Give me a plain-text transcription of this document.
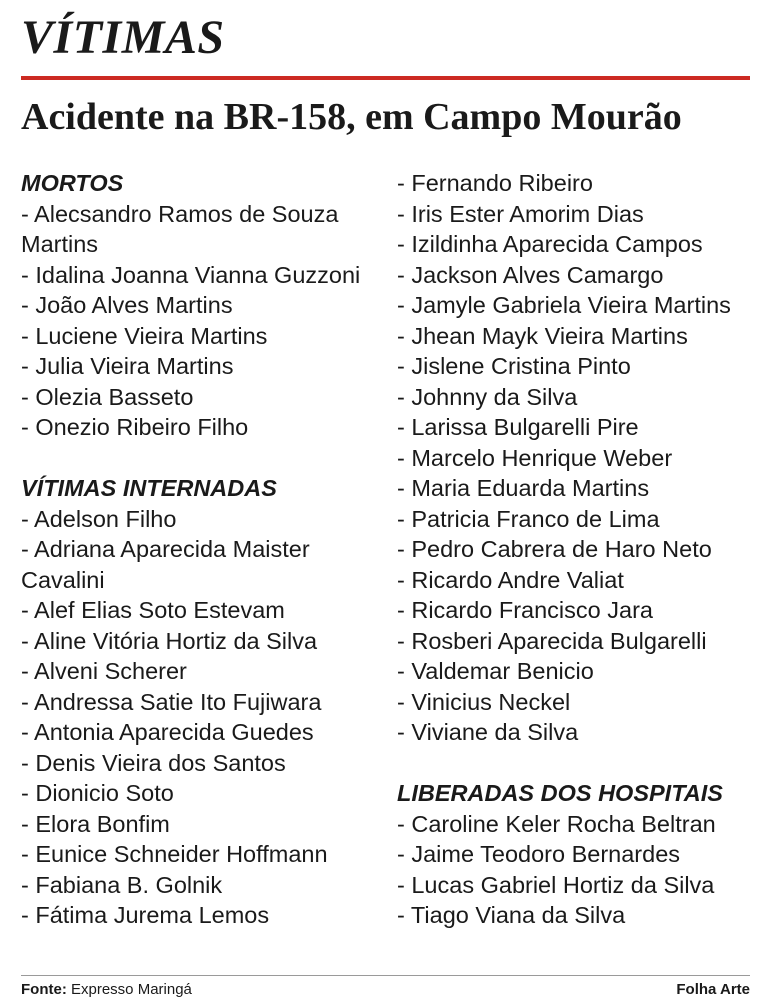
VÍTIMAS
Acidente na BR-158, em Campo Mourão

MORTOS

- Alecsandro Ramos de Souza Martins

- Idalina Joanna Vianna Guzzoni

- João Alves Martins

- Luciene Vieira Martins

- Julia Vieira Martins

- Olezia Basseto

- Onezio Ribeiro Filho

VÍTIMAS INTERNADAS

- Adelson Filho

- Adriana Aparecida Maister Cavalini

- Alef Elias Soto Estevam

- Aline Vitória Hortiz da Silva

- Alveni Scherer

- Andressa Satie Ito Fujiwara

- Antonia Aparecida Guedes

- Denis Vieira dos Santos

- Dionicio Soto

- Elora Bonfim

- Eunice Schneider Hoffmann

- Fabiana B. Golnik

- Fátima Jurema Lemos

- Fernando Ribeiro

- Iris Ester Amorim Dias

- Izildinha Aparecida Campos

- Jackson Alves Camargo

- Jamyle Gabriela Vieira Martins

- Jhean Mayk Vieira Martins

- Jislene Cristina Pinto

- Johnny da Silva

- Larissa Bulgarelli Pire

- Marcelo Henrique Weber

- Maria Eduarda Martins

- Patricia Franco de Lima

- Pedro Cabrera de Haro Neto

- Ricardo Andre Valiat

- Ricardo Francisco Jara

- Rosberi Aparecida Bulgarelli

- Valdemar Benicio

- Vinicius Neckel

- Viviane da Silva

LIBERADAS DOS HOSPITAIS

- Caroline Keler Rocha Beltran

- Jaime Teodoro Bernardes

- Lucas Gabriel Hortiz da Silva

- Tiago Viana da Silva

Fonte: Expresso Maringá	Folha Arte
